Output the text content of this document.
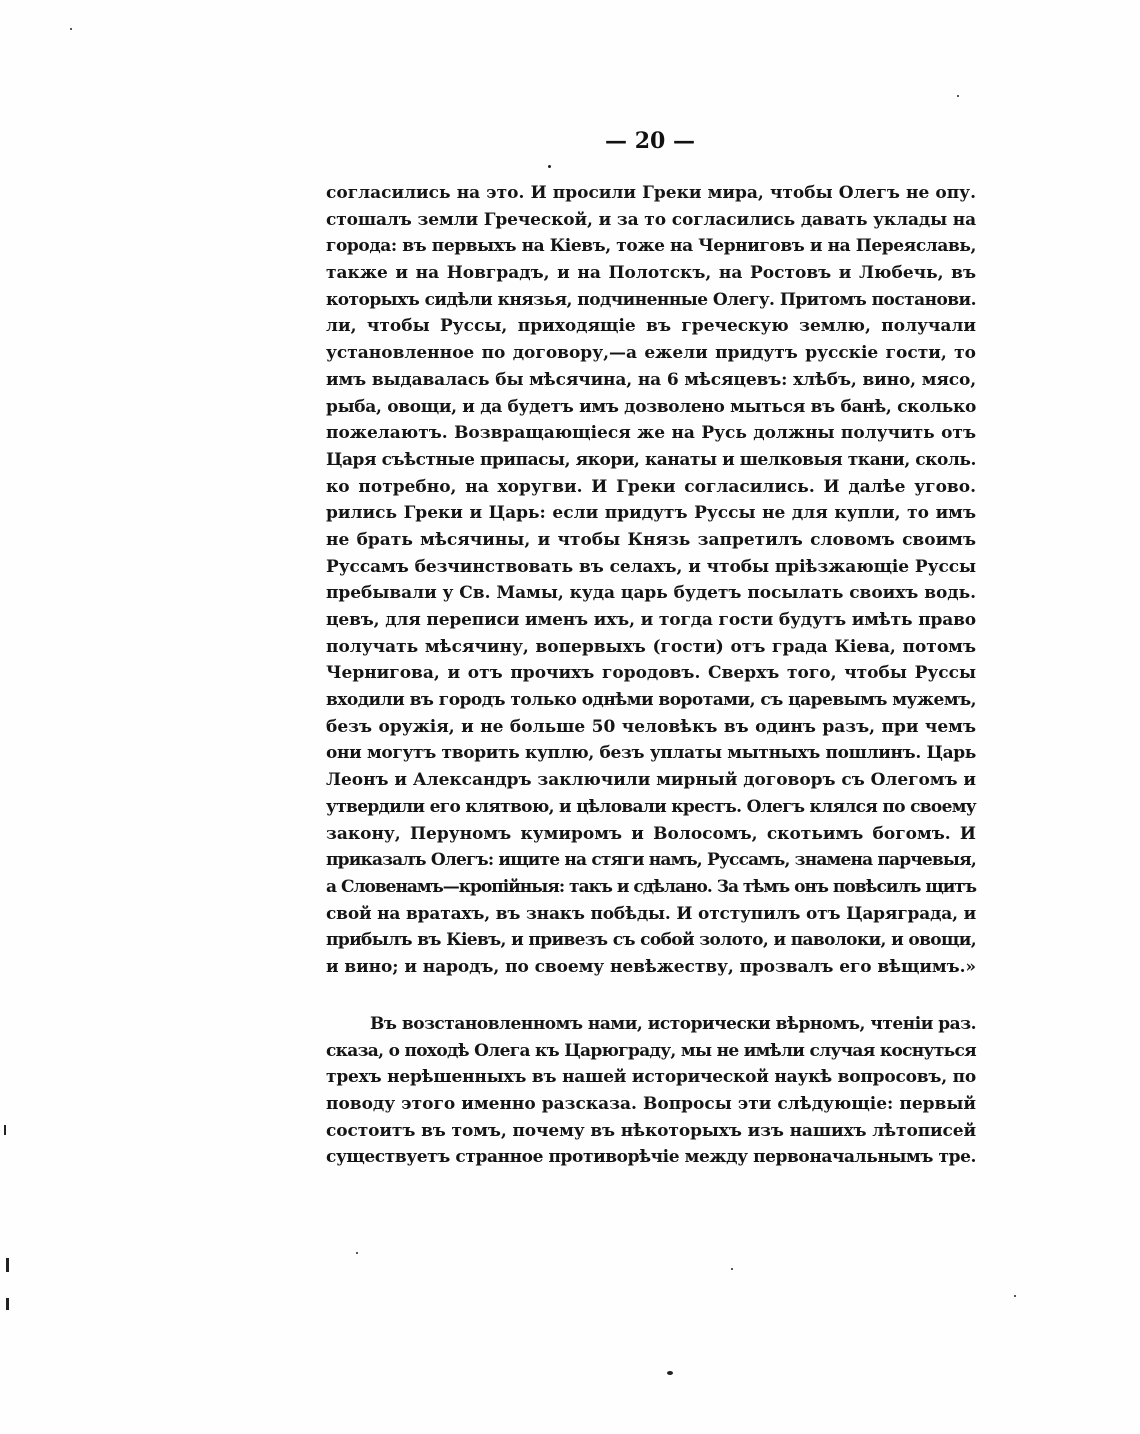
— 20 —
согласились на это. И просили Греки мира, чтобы Олегъ не опу.
стошалъ земли Греческой, и за то согласились давать уклады на
города: въ первыхъ на Кіевъ, тоже на Черниговъ и на Переяславь,
также и на Новградъ, и на Полотскъ, на Ростовъ и Любечь, въ
которыхъ сидѣли князья, подчиненные Олегу. Притомъ постанови.
ли, чтобы Руссы, приходящіе въ греческую землю, получали
установленное по договору,—а ежели придутъ русскіе гости, то
имъ выдавалась бы мѣсячина, на 6 мѣсяцевъ: хлѣбъ, вино, мясо,
рыба, овощи, и да будетъ имъ дозволено мыться въ банѣ, сколько
пожелаютъ. Возвращающіеся же на Русь должны получить отъ
Царя съѣстные припасы, якори, канаты и шелковыя ткани, сколь.
ко потребно, на хоругви. И Греки согласились. И далѣе угово.
рились Греки и Царь: если придутъ Руссы не для купли, то имъ
не брать мѣсячины, и чтобы Князь запретилъ словомъ своимъ
Руссамъ безчинствовать въ селахъ, и чтобы пріѣзжающіе Руссы
пребывали у Св. Мамы, куда царь будетъ посылать своихъ водь.
цевъ, для переписи именъ ихъ, и тогда гости будутъ имѣть право
получать мѣсячину, вопервыхъ (гости) отъ града Кіева, потомъ
Чернигова, и отъ прочихъ городовъ. Сверхъ того, чтобы Руссы
входили въ городъ только однѣми воротами, съ царевымъ мужемъ,
безъ оружія, и не больше 50 человѣкъ въ одинъ разъ, при чемъ
они могутъ творить куплю, безъ уплаты мытныхъ пошлинъ. Царь
Леонъ и Александръ заключили мирный договоръ съ Олегомъ и
утвердили его клятвою, и цѣловали крестъ. Олегъ клялся по своему
закону, Перуномъ кумиромъ и Волосомъ, скотьимъ богомъ. И
приказалъ Олегъ: ищите на стяги намъ, Руссамъ, знамена парчевыя,
а Словенамъ—кропійныя: такъ и сдѣлано. За тѣмъ онъ повѣсилъ щитъ
свой на вратахъ, въ знакъ побѣды. И отступилъ отъ Царяграда, и
прибылъ въ Кіевъ, и привезъ съ собой золото, и паволоки, и овощи,
и вино; и народъ, по своему невѣжеству, прозвалъ его вѣщимъ.»
Въ возстановленномъ нами, исторически вѣрномъ, чтеніи раз.
сказа, о походѣ Олега къ Царюграду, мы не имѣли случая коснуться
трехъ нерѣшенныхъ въ нашей исторической наукѣ вопросовъ, по
поводу этого именно разсказа. Вопросы эти слѣдующіе: первый
состоитъ въ томъ, почему въ нѣкоторыхъ изъ нашихъ лѣтописей
существуетъ странное противорѣчіе между первоначальнымъ тре.
